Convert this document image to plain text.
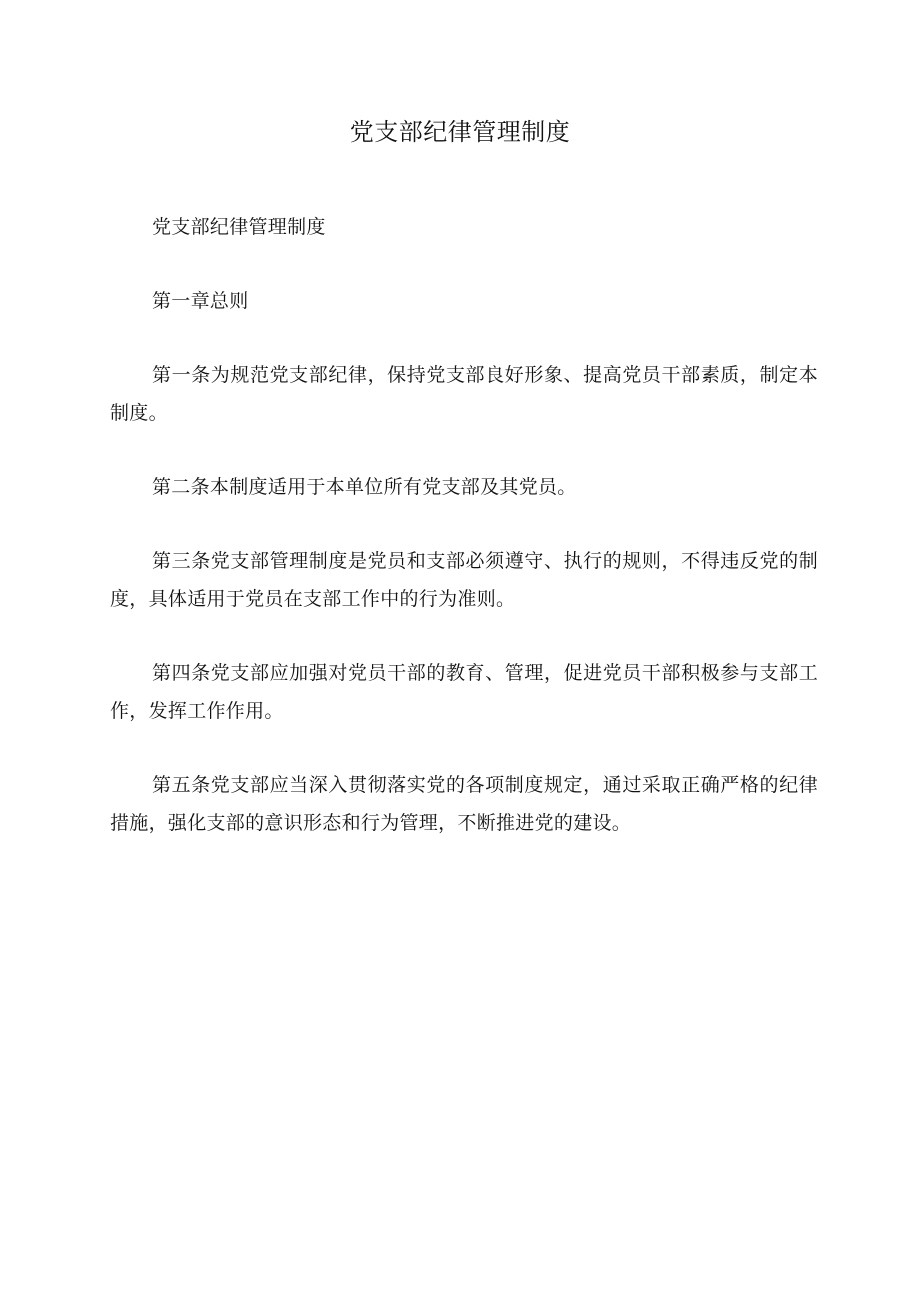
党支部纪律管理制度

党支部纪律管理制度

第一章总则

第一条为规范党支部纪律，保持党支部良好形象、提高党员干部素质，制定本制度。

第二条本制度适用于本单位所有党支部及其党员。

第三条党支部管理制度是党员和支部必须遵守、执行的规则，不得违反党的制度，具体适用于党员在支部工作中的行为准则。

第四条党支部应加强对党员干部的教育、管理，促进党员干部积极参与支部工作，发挥工作作用。

第五条党支部应当深入贯彻落实党的各项制度规定，通过采取正确严格的纪律措施，强化支部的意识形态和行为管理，不断推进党的建设。
